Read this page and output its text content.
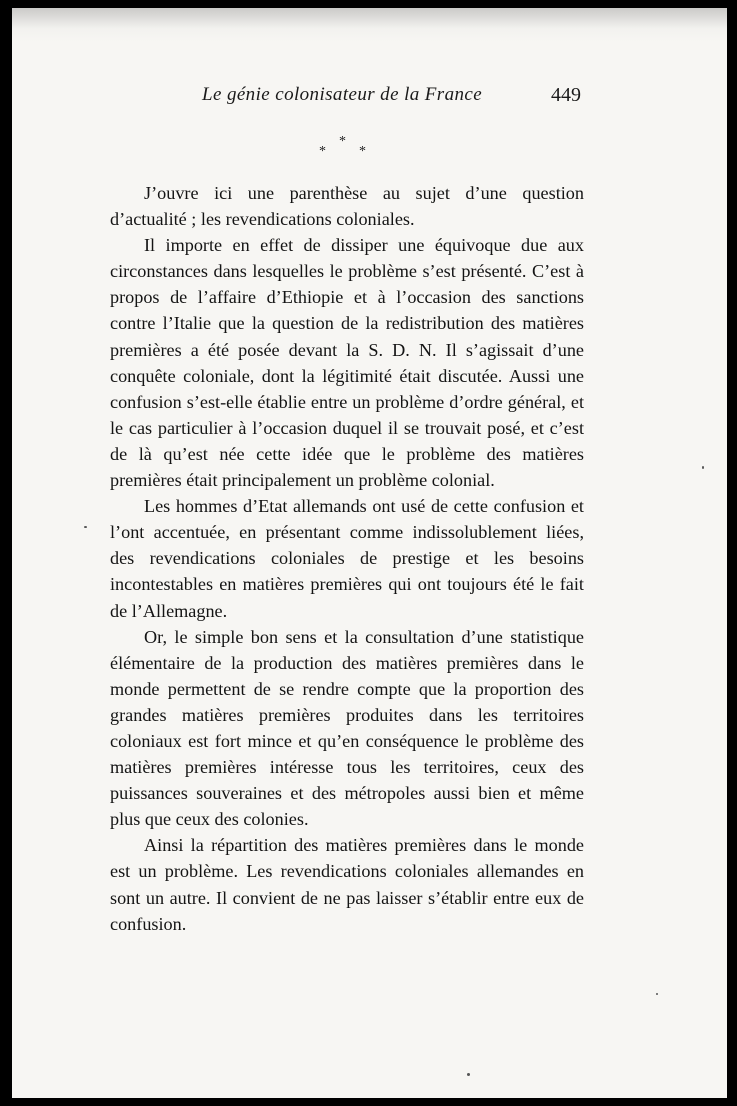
Le génie colonisateur de la France	449
*
* *

J’ouvre ici une parenthèse au sujet d’une question d’actualité ; les revendications coloniales.

Il importe en effet de dissiper une équivoque due aux circonstances dans lesquelles le problème s’est présenté. C’est à propos de l’affaire d’Ethiopie et à l’occasion des sanctions contre l’Italie que la question de la redistribution des matières premières a été posée devant la S. D. N. Il s’agissait d’une conquête coloniale, dont la légitimité était discutée. Aussi une confusion s’est-elle établie entre un problème d’ordre général, et le cas particulier à l’occasion duquel il se trouvait posé, et c’est de là qu’est née cette idée que le problème des matières premières était principalement un problème colonial.

Les hommes d’Etat allemands ont usé de cette confusion et l’ont accentuée, en présentant comme indissolublement liées, des revendications coloniales de prestige et les besoins incontestables en matières premières qui ont toujours été le fait de l’Allemagne.

Or, le simple bon sens et la consultation d’une statistique élémentaire de la production des matières premières dans le monde permettent de se rendre compte que la proportion des grandes matières premières produites dans les territoires coloniaux est fort mince et qu’en conséquence le problème des matières premières intéresse tous les territoires, ceux des puissances souveraines et des métropoles aussi bien et même plus que ceux des colonies.

Ainsi la répartition des matières premières dans le monde est un problème. Les revendications coloniales allemandes en sont un autre. Il convient de ne pas laisser s’établir entre eux de confusion.
